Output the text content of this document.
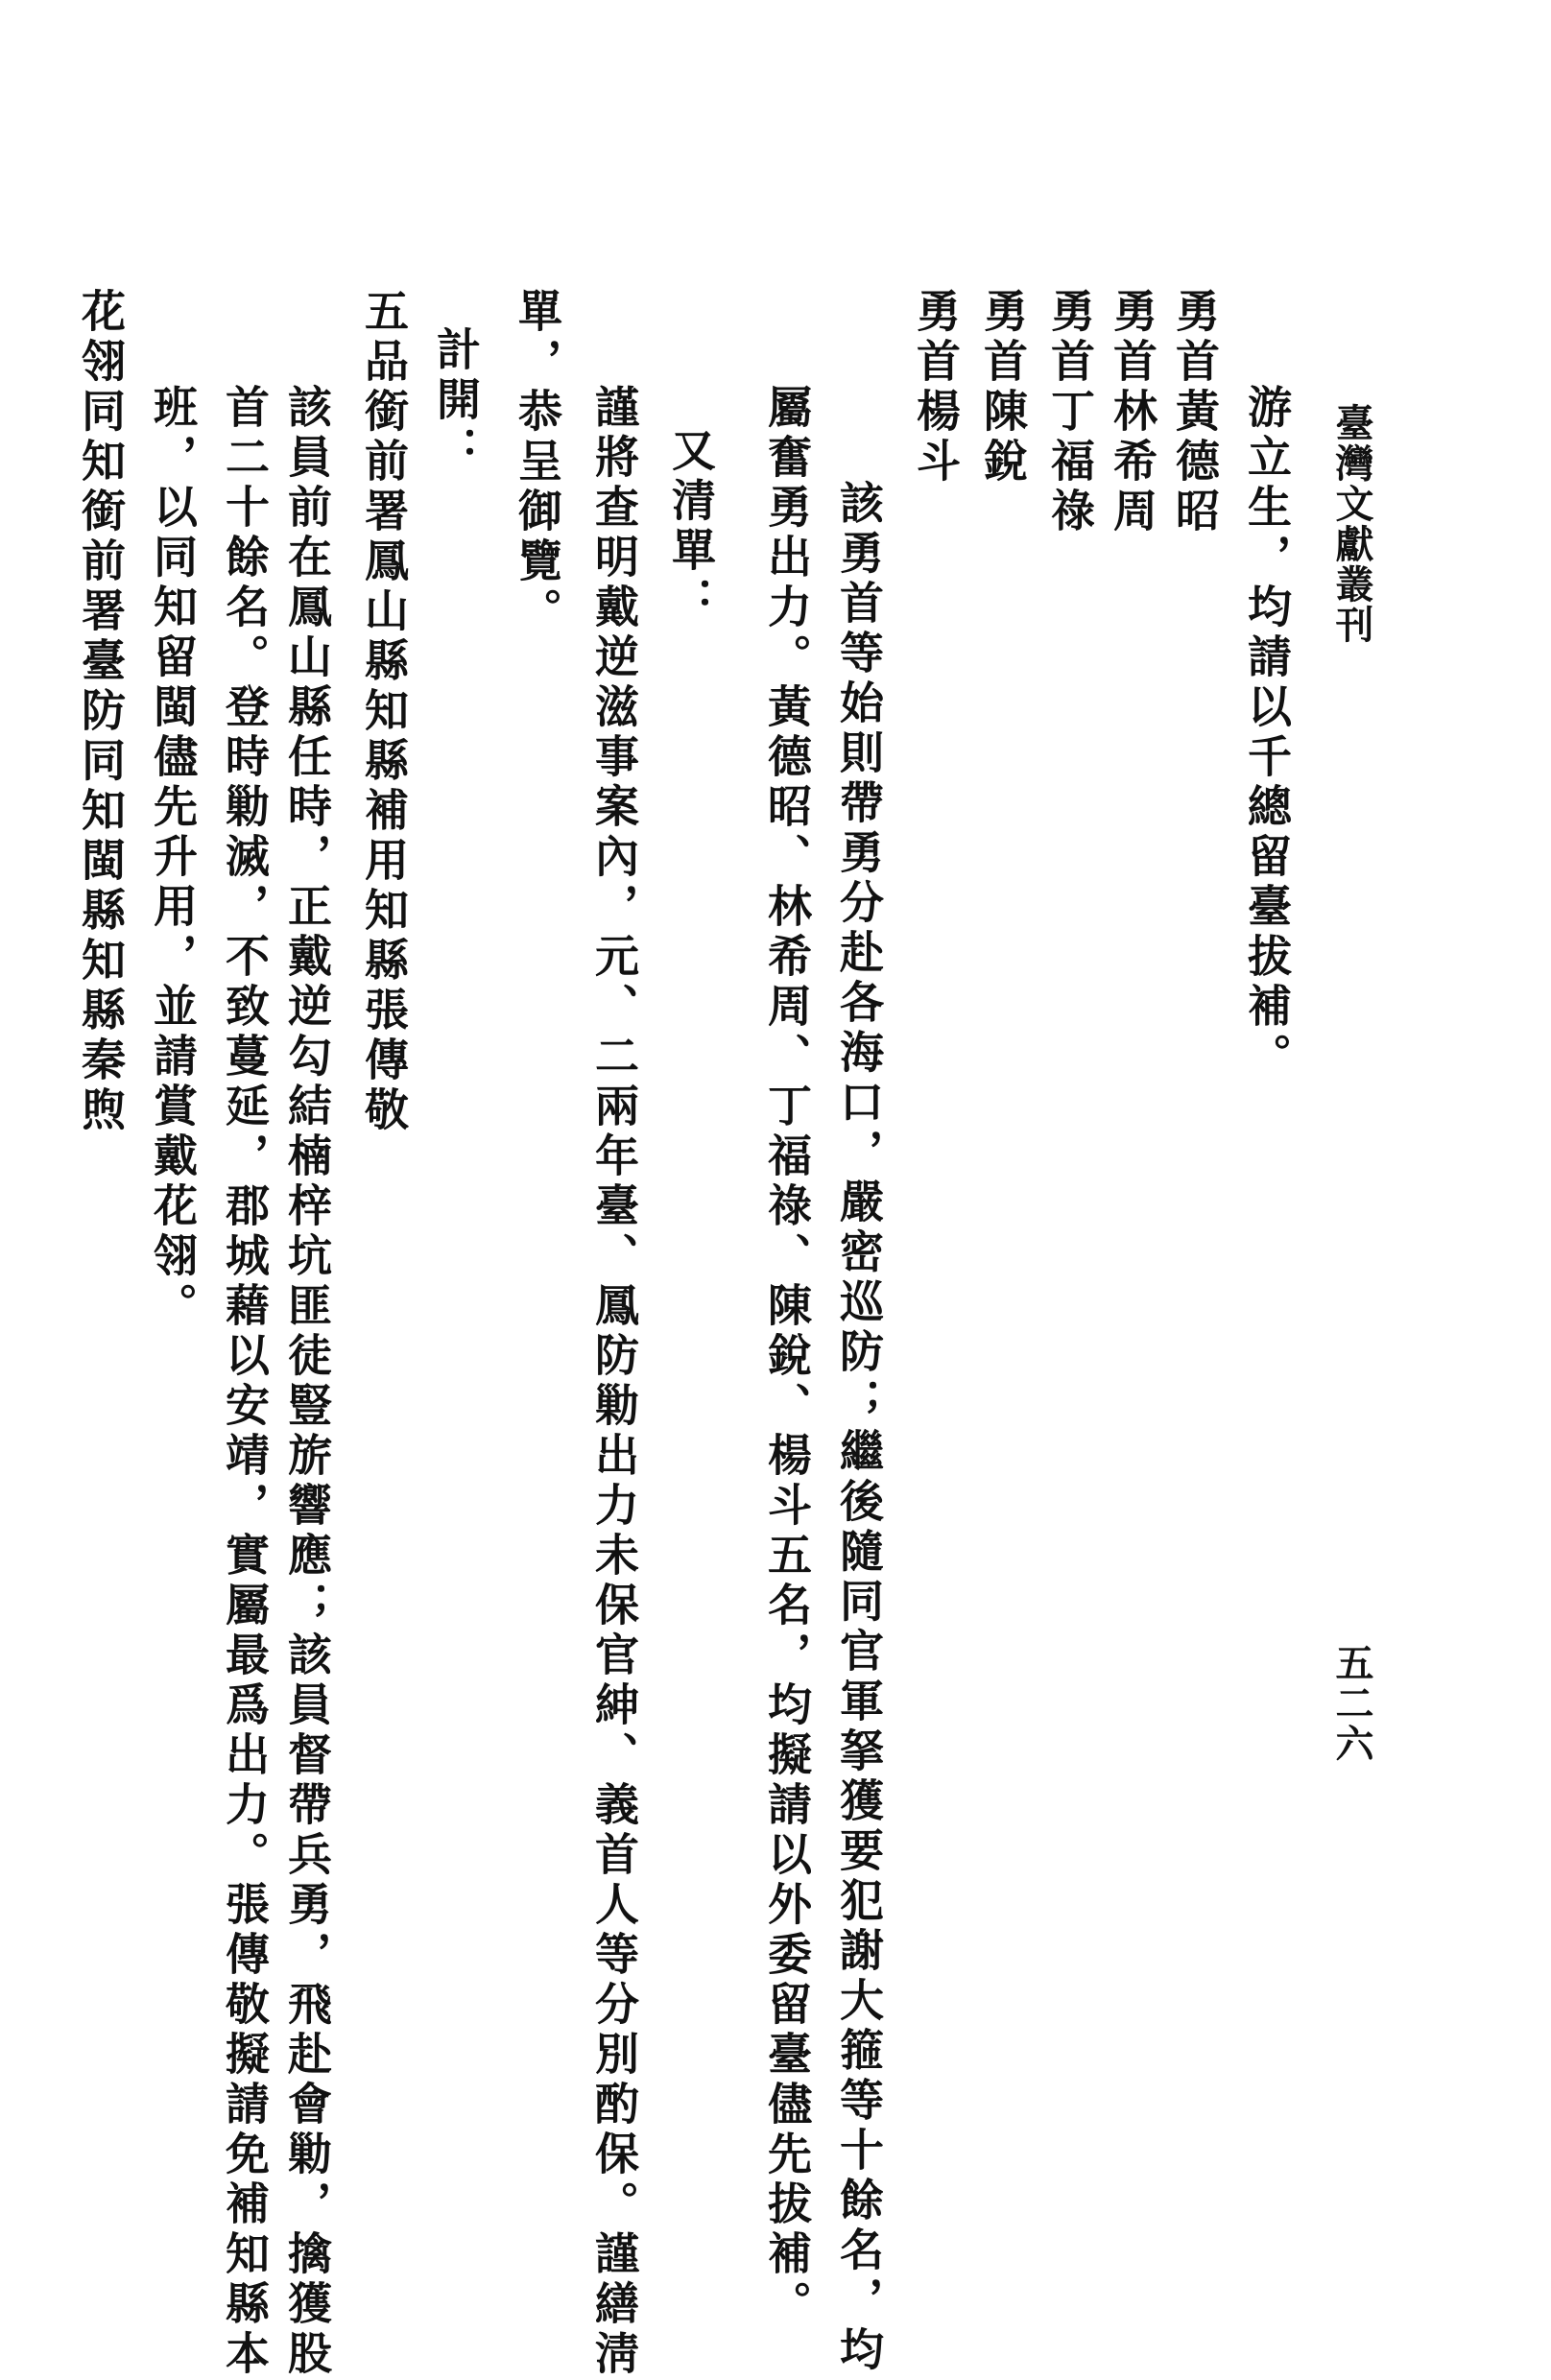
臺灣文獻叢刊
五二六
游立生，均請以千總留臺拔補。
勇首黃德昭
勇首林希周
勇首丁福祿
勇首陳銳
勇首楊斗
該勇首等始則帶勇分赴各海口，嚴密巡防；繼後隨同官軍拏獲要犯謝大箍等十餘名，均
屬奮勇出力。黃德昭、林希周、丁福祿、陳銳、楊斗五名，均擬請以外委留臺儘先拔補。
又清單：
謹將查明戴逆滋事案內，元、二兩年臺、鳳防勦出力未保官紳、義首人等分別酌保。謹繕淸
單，恭呈御覽。
計開：
五品銜前署鳳山縣知縣補用知縣張傳敬
該員前在鳳山縣任時，正戴逆勾結楠梓坑匪徒豎旂響應；該員督帶兵勇，飛赴會勦，擒獲股
首二十餘名。登時勦滅，不致蔓延，郡城藉以安靖，實屬最爲出力。張傳敬擬請免補知縣本
班，以同知留閩儘先升用，並請賞戴花翎。
花翎同知銜前署臺防同知閩縣知縣秦煦
